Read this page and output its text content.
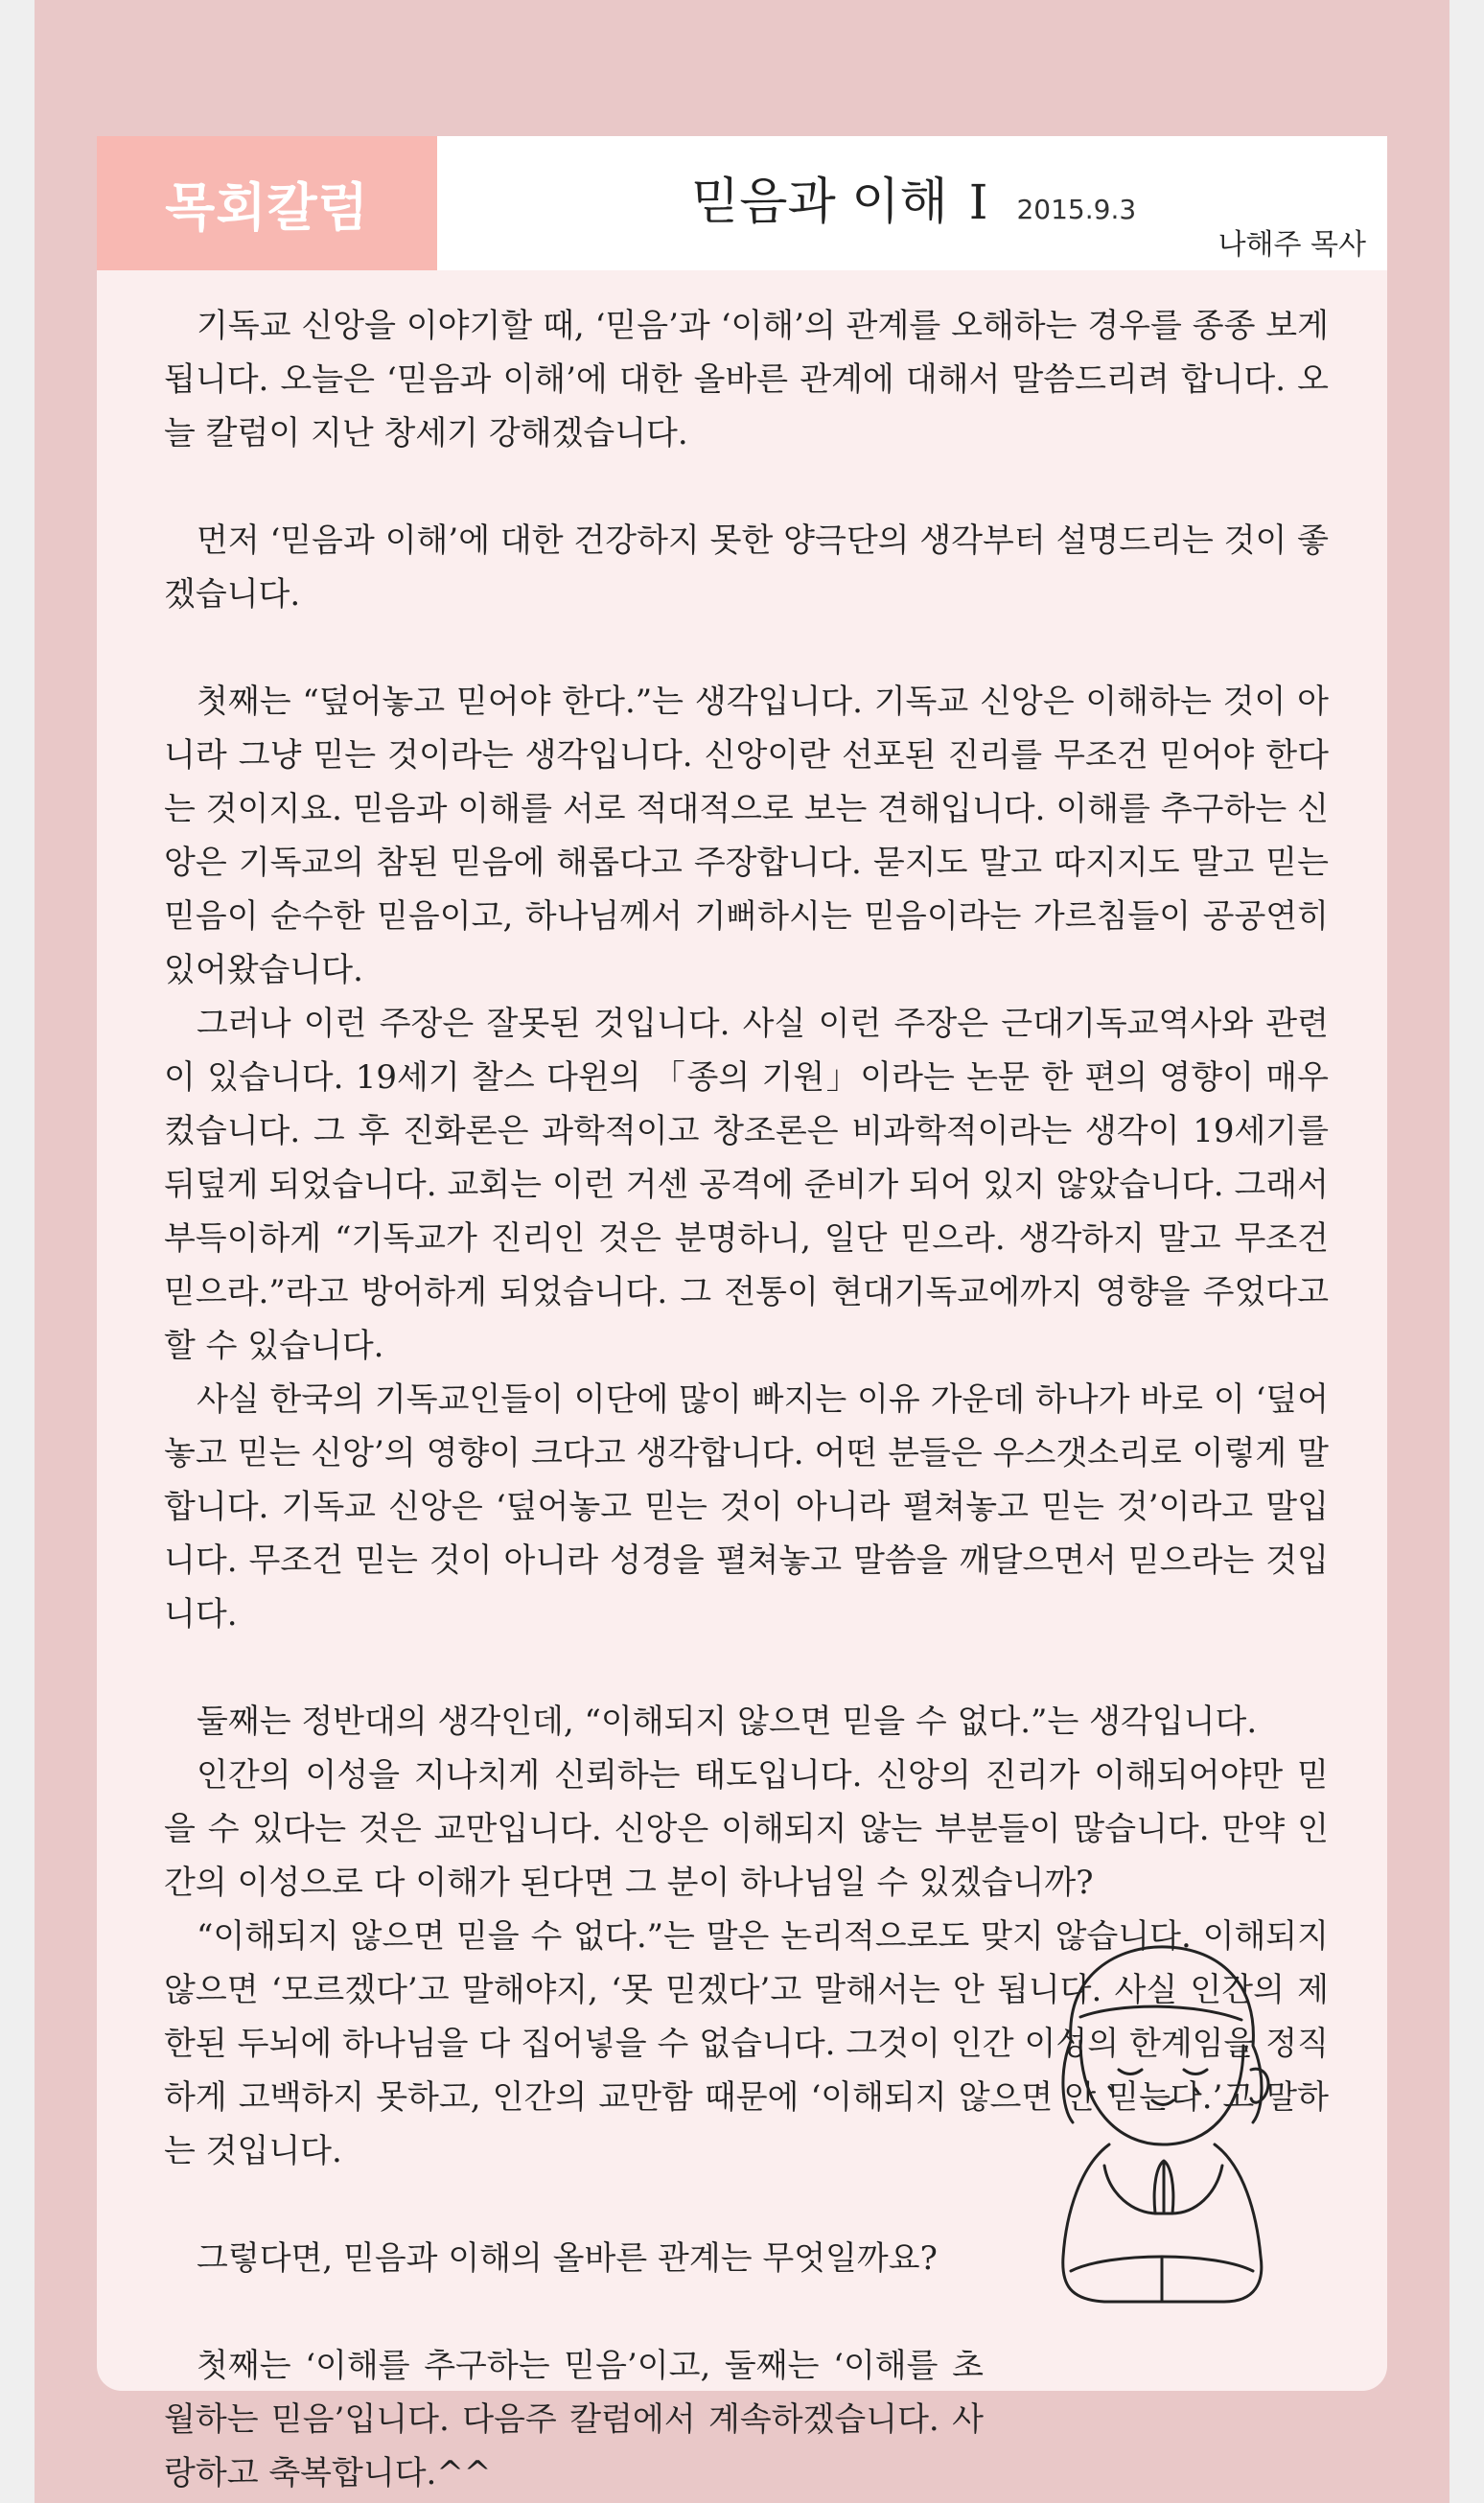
목회칼럼
나해주 목사
믿음과 이해 I 2015.9.3

기독교 신앙을 이야기할 때, ‘믿음’과 ‘이해’의 관계를 오해하는 경우를 종종 보게 됩니다. 오늘은 ‘믿음과 이해’에 대한 올바른 관계에 대해서 말씀드리려 합니다. 오늘 칼럼이 지난 창세기 강해겠습니다.

먼저 ‘믿음과 이해’에 대한 건강하지 못한 양극단의 생각부터 설명드리는 것이 좋겠습니다.

첫째는 “덮어놓고 믿어야 한다.”는 생각입니다. 기독교 신앙은 이해하는 것이 아니라 그냥 믿는 것이라는 생각입니다. 신앙이란 선포된 진리를 무조건 믿어야 한다는 것이지요. 믿음과 이해를 서로 적대적으로 보는 견해입니다. 이해를 추구하는 신앙은 기독교의 참된 믿음에 해롭다고 주장합니다. 묻지도 말고 따지지도 말고 믿는 믿음이 순수한 믿음이고, 하나님께서 기뻐하시는 믿음이라는 가르침들이 공공연히 있어왔습니다.

그러나 이런 주장은 잘못된 것입니다. 사실 이런 주장은 근대기독교역사와 관련이 있습니다. 19세기 찰스 다윈의 「종의 기원」이라는 논문 한 편의 영향이 매우 컸습니다. 그 후 진화론은 과학적이고 창조론은 비과학적이라는 생각이 19세기를 뒤덮게 되었습니다. 교회는 이런 거센 공격에 준비가 되어 있지 않았습니다. 그래서 부득이하게 “기독교가 진리인 것은 분명하니, 일단 믿으라. 생각하지 말고 무조건 믿으라.”라고 방어하게 되었습니다. 그 전통이 현대기독교에까지 영향을 주었다고 할 수 있습니다.

사실 한국의 기독교인들이 이단에 많이 빠지는 이유 가운데 하나가 바로 이 ‘덮어놓고 믿는 신앙’의 영향이 크다고 생각합니다. 어떤 분들은 우스갯소리로 이렇게 말합니다. 기독교 신앙은 ‘덮어놓고 믿는 것이 아니라 펼쳐놓고 믿는 것’이라고 말입니다. 무조건 믿는 것이 아니라 성경을 펼쳐놓고 말씀을 깨달으면서 믿으라는 것입니다.

둘째는 정반대의 생각인데, “이해되지 않으면 믿을 수 없다.”는 생각입니다.

인간의 이성을 지나치게 신뢰하는 태도입니다. 신앙의 진리가 이해되어야만 믿을 수 있다는 것은 교만입니다. 신앙은 이해되지 않는 부분들이 많습니다. 만약 인간의 이성으로 다 이해가 된다면 그 분이 하나님일 수 있겠습니까?

“이해되지 않으면 믿을 수 없다.”는 말은 논리적으로도 맞지 않습니다. 이해되지 않으면 ‘모르겠다’고 말해야지, ‘못 믿겠다’고 말해서는 안 됩니다. 사실 인간의 제한된 두뇌에 하나님을 다 집어넣을 수 없습니다. 그것이 인간 이성의 한계임을 정직하게 고백하지 못하고, 인간의 교만함 때문에 ‘이해되지 않으면 안 믿는다.’고 말하는 것입니다.

그렇다면, 믿음과 이해의 올바른 관계는 무엇일까요?

첫째는 ‘이해를 추구하는 믿음’이고, 둘째는 ‘이해를 초월하는 믿음’입니다. 다음주 칼럼에서 계속하겠습니다. 사랑하고 축복합니다.^^
